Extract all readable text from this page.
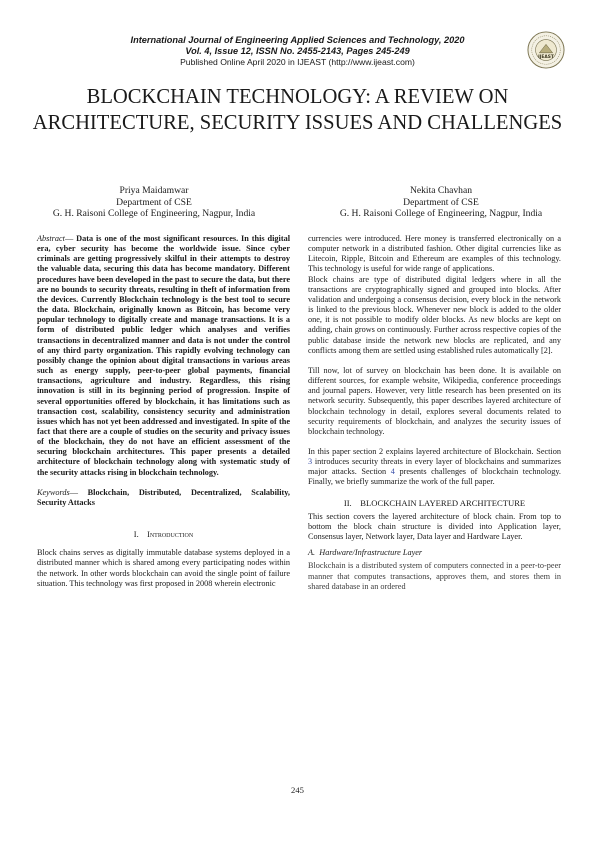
International Journal of Engineering Applied Sciences and Technology, 2020
Vol. 4, Issue 12, ISSN No. 2455-2143, Pages 245-249
Published Online April 2020 in IJEAST (http://www.ijeast.com)	IJEAST
BLOCKCHAIN TECHNOLOGY: A REVIEW ON ARCHITECTURE, SECURITY ISSUES AND CHALLENGES
Priya Maidamwar
Department of CSE
G. H. Raisoni College of Engineering, Nagpur, India
Nekita Chavhan
Department of CSE
G. H. Raisoni College of Engineering, Nagpur, India

Abstract— Data is one of the most significant resources. In this digital era, cyber security has become the worldwide issue. Since cyber criminals are getting progressively skilful in their attempts to destroy the valuable data, securing this data has become mandatory. Different procedures have been developed in the past to secure the data, but there are no bounds to security threats, resulting in theft of information from the devices. Currently Blockchain technology is the best tool to secure the data. Blockchain, originally known as Bitcoin, has become very popular technology to digitally create and manage transactions. It is a form of distributed public ledger which analyses and verifies transactions in decentralized manner and data is not under the control of any third party organization. This rapidly evolving technology can possibly change the opinion about digital transactions in various areas such as energy supply, peer-to-peer global payments, financial transactions, agriculture and industry. Regardless, this rising innovation is still in its beginning period of progression. Inspite of several opportunities offered by blockchain, it has limitations such as transaction cost, scalability, consistency security and administration issues which has not yet been addressed and investigated. In spite of the fact that there are a couple of studies on the security and privacy issues of the blockchain, they do not have an efficient assessment of the securing blockchain architectures. This paper presents a detailed architecture of blockchain technology along with systematic study of the security attacks rising in blockchain technology.

Keywords— Blockchain, Distributed, Decentralized, Scalability, Security Attacks

I. Introduction

Block chains serves as digitally immutable database systems deployed in a distributed manner which is shared among every participating nodes within the network. In other words blockchain can avoid the single point of failure situation. This technology was first proposed in 2008 wherein electronic

currencies were introduced. Here money is transferred electronically on a computer network in a distributed fashion. Other digital currencies like as Litecoin, Ripple, Bitcoin and Ethereum are examples of this technology. This technology is useful for wide range of applications.

Block chains are type of distributed digital ledgers where in all the transactions are cryptographically signed and grouped into blocks. After validation and undergoing a consensus decision, every block in the network is linked to the previous block. Whenever new block is added to the older one, it is not possible to modify older blocks. As new blocks are kept on adding, chain grows on continuously. Further across respective copies of the public database inside the network new blocks are replicated, and any conflicts among them are settled using established rules automatically [2].

Till now, lot of survey on blockchain has been done. It is available on different sources, for example website, Wikipedia, conference proceedings and journal papers. However, very little research has been presented on its network security. Subsequently, this paper describes layered architecture of blockchain technology in detail, explores several documents related to security requirements of blockchain, and analyzes the security issues of blockchain technology.

In this paper section 2 explains layered architecture of Blockchain. Section 3 introduces security threats in every layer of blockchains and summarizes major attacks. Section 4 presents challenges of blockchain technology. Finally, we briefly summarize the work of the full paper.

II. BLOCKCHAIN LAYERED ARCHITECTURE

This section covers the layered architecture of block chain. From top to bottom the block chain structure is divided into Application layer, Consensus layer, Network layer, Data layer and Hardware Layer.

A. Hardware/Infrastructure Layer

Blockchain is a distributed system of computers connected in a peer-to-peer manner that computes transactions, approves them, and stores them in shared database in an ordered

245
